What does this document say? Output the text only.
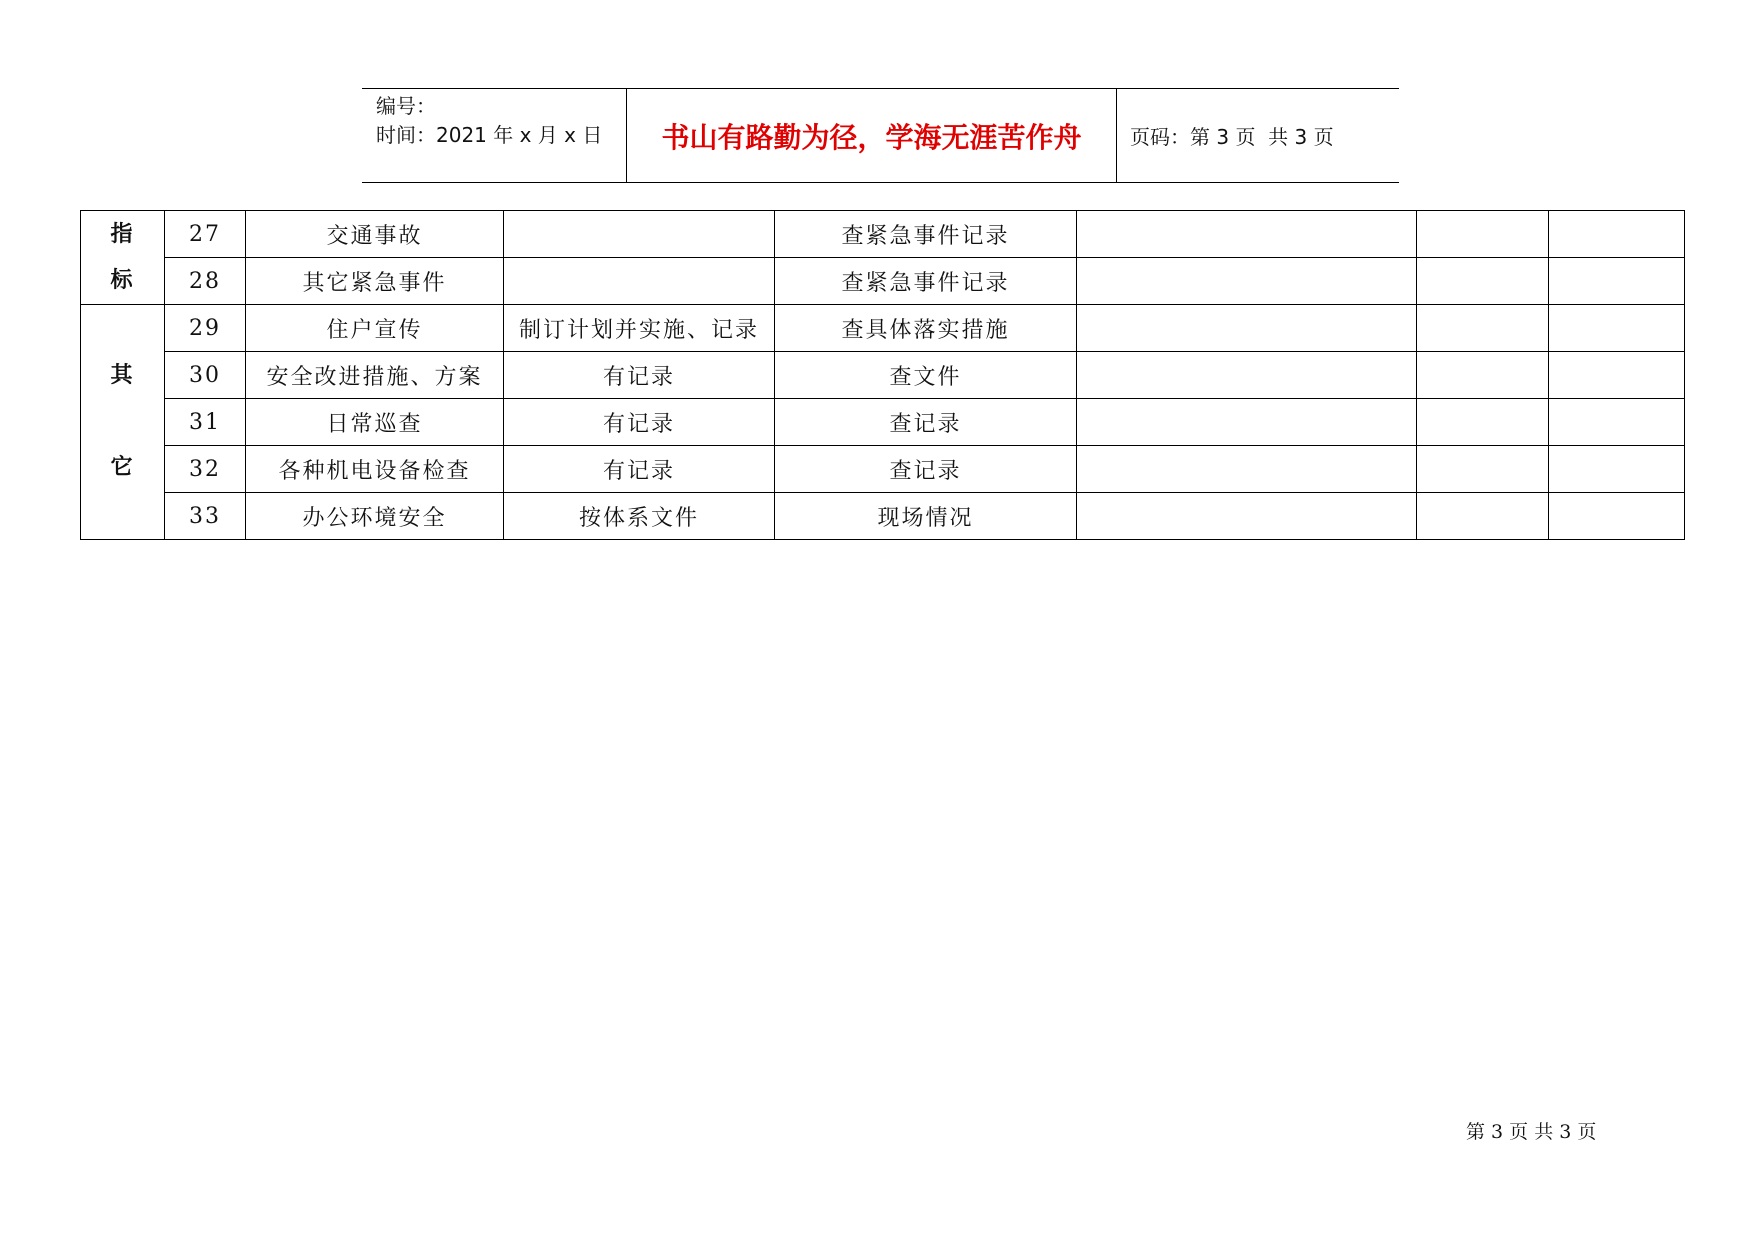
编号：
时间：2021 年 x 月 x 日	书山有路勤为径，学海无涯苦作舟	页码：第 3 页  共 3 页
指
标	27	交通事故		查紧急事件记录			
	28	其它紧急事件		查紧急事件记录			

其

它	29	住户宣传	制订计划并实施、记录	查具体落实措施			
	30	安全改进措施、方案	有记录	查文件			
	31	日常巡查	有记录	查记录			
	32	各种机电设备检查	有记录	查记录			
	33	办公环境安全	按体系文件	现场情况			
第 3 页 共 3 页
